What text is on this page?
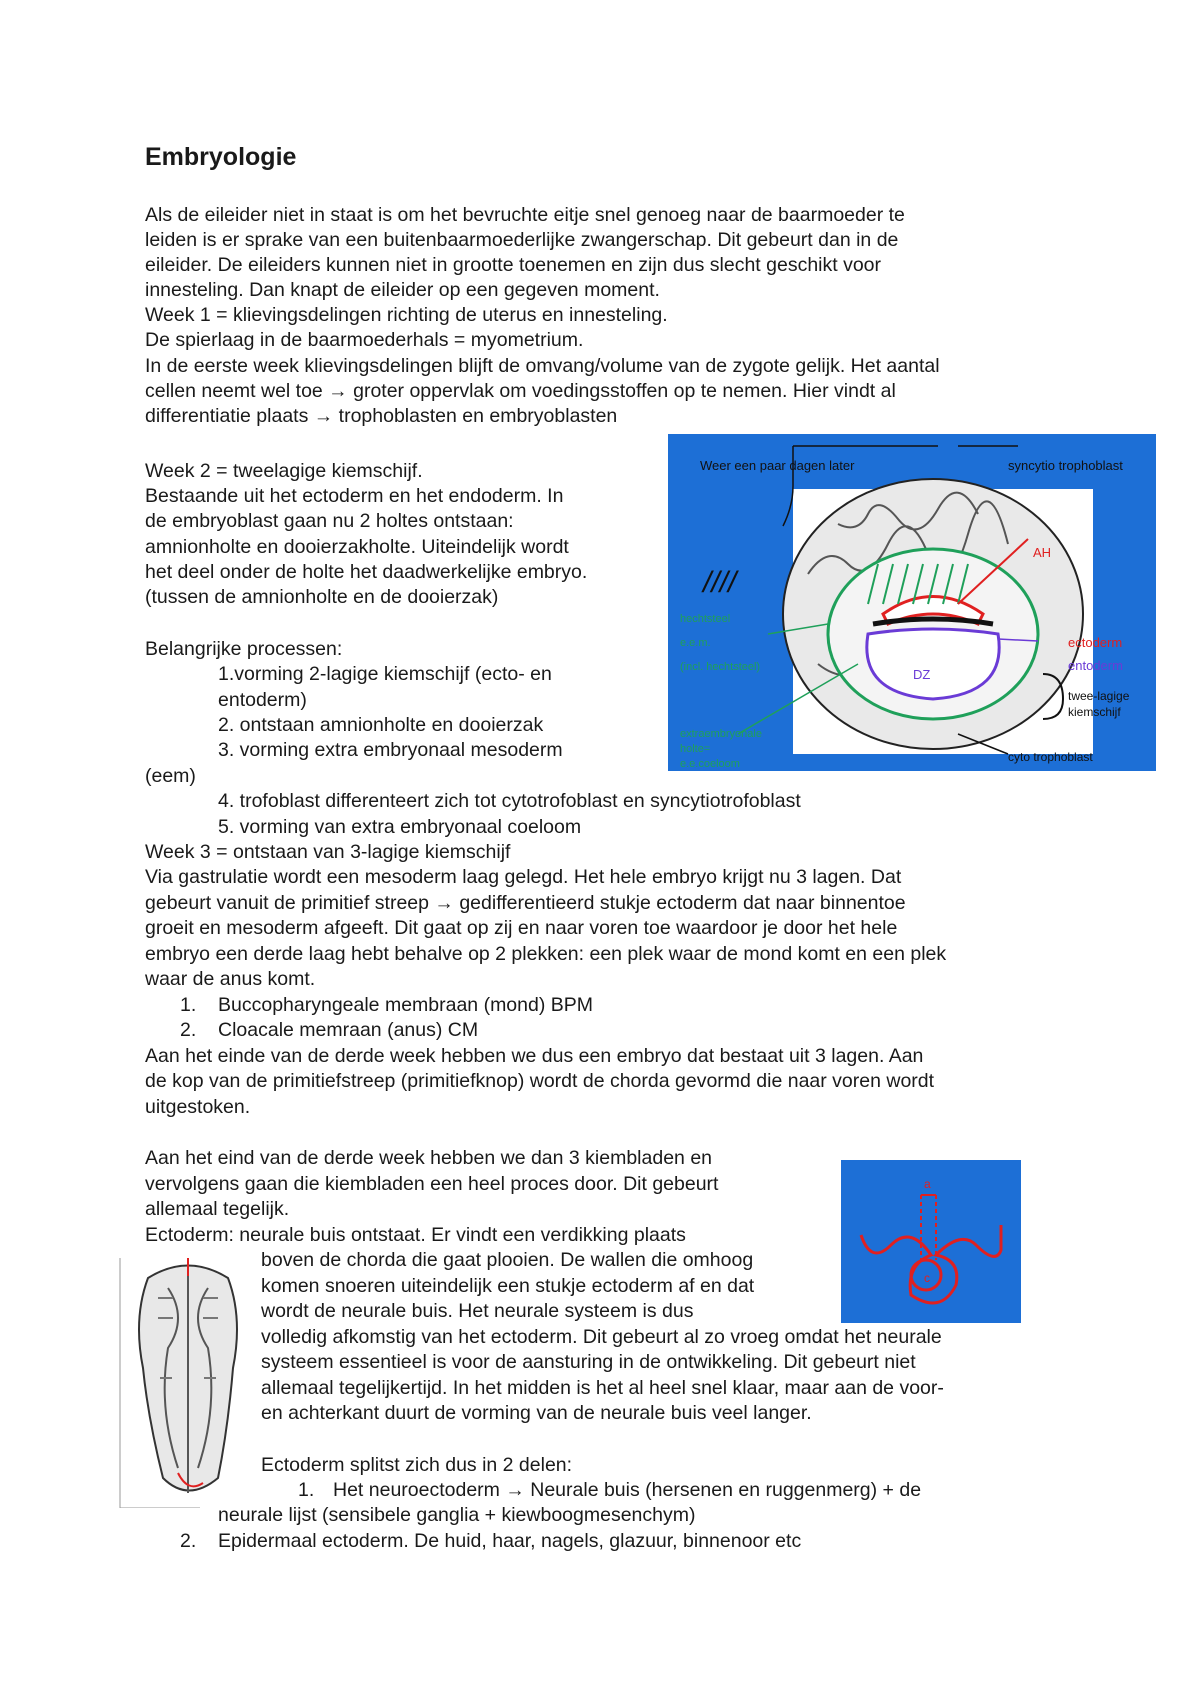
Embryologie
Als de eileider niet in staat is om het bevruchte eitje snel genoeg naar de baarmoeder te
leiden is er sprake van een buitenbaarmoederlijke zwangerschap. Dit gebeurt dan in de
eileider. De eileiders kunnen niet in grootte toenemen en zijn dus slecht geschikt voor
innesteling. Dan knapt de eileider op een gegeven moment.
Week 1 = klievingsdelingen richting de uterus en innesteling.
De spierlaag in de baarmoederhals = myometrium.
In de eerste week klievingsdelingen blijft de omvang/volume van de zygote gelijk. Het aantal
cellen neemt wel toe → groter oppervlak om voedingsstoffen op te nemen. Hier vindt al
differentiatie plaats → trophoblasten en embryoblasten
Week 2 = tweelagige kiemschijf.
Bestaande uit het ectoderm en het endoderm. In
de embryoblast gaan nu 2 holtes ontstaan:
amnionholte en dooierzakholte. Uiteindelijk wordt
het deel onder de holte het daadwerkelijke embryo.
(tussen de amnionholte en de dooierzak)
Belangrijke processen:
1.vorming 2-lagige kiemschijf (ecto- en
entoderm)
2. ontstaan amnionholte en dooierzak
3. vorming extra embryonaal mesoderm
(eem)
4. trofoblast differenteert zich tot cytotrofoblast en syncytiotrofoblast
5. vorming van extra embryonaal coeloom
Week 3 = ontstaan van 3-lagige kiemschijf
Via gastrulatie wordt een mesoderm laag gelegd. Het hele embryo krijgt nu 3 lagen. Dat
gebeurt vanuit de primitief streep → gedifferentieerd stukje ectoderm dat naar binnentoe
groeit en mesoderm afgeeft. Dit gaat op zij en naar voren toe waardoor je door het hele
embryo een derde laag hebt behalve op 2 plekken: een plek waar de mond komt en een plek
waar de anus komt.
1. Buccopharyngeale membraan (mond) BPM
2. Cloacale memraan (anus) CM
Aan het einde van de derde week hebben we dus een embryo dat bestaat uit 3 lagen. Aan
de kop van de primitiefstreep (primitiefknop) wordt de chorda gevormd die naar voren wordt
uitgestoken.
Aan het eind van de derde week hebben we dan 3 kiembladen en
vervolgens gaan die kiembladen een heel proces door. Dit gebeurt
allemaal tegelijk.
Ectoderm: neurale buis ontstaat. Er vindt een verdikking plaats
boven de chorda die gaat plooien. De wallen die omhoog
komen snoeren uiteindelijk een stukje ectoderm af en dat
wordt de neurale buis. Het neurale systeem is dus
volledig afkomstig van het ectoderm. Dit gebeurt al zo vroeg omdat het neurale
systeem essentieel is voor de aansturing in de ontwikkeling. Dit gebeurt niet
allemaal tegelijkertijd. In het midden is het al heel snel klaar, maar aan de voor-
en achterkant duurt de vorming van de neurale buis veel langer.
Ectoderm splitst zich dus in 2 delen:
1. Het neuroectoderm → Neurale buis (hersenen en ruggenmerg) + de
neurale lijst (sensibele ganglia + kiewboogmesenchym)
2. Epidermaal ectoderm. De huid, haar, nagels, glazuur, binnenoor etc
Weer een paar dagen later	syncytio trophoblast
AH
////
hechtsteel
e.e.m.
(incl. hechtsteel)
ectoderm
entoderm
DZ
twee-lagige
kiemschijf
extraembryonale
holte=
e.e.coeloom	cyto trophoblast
a
c
